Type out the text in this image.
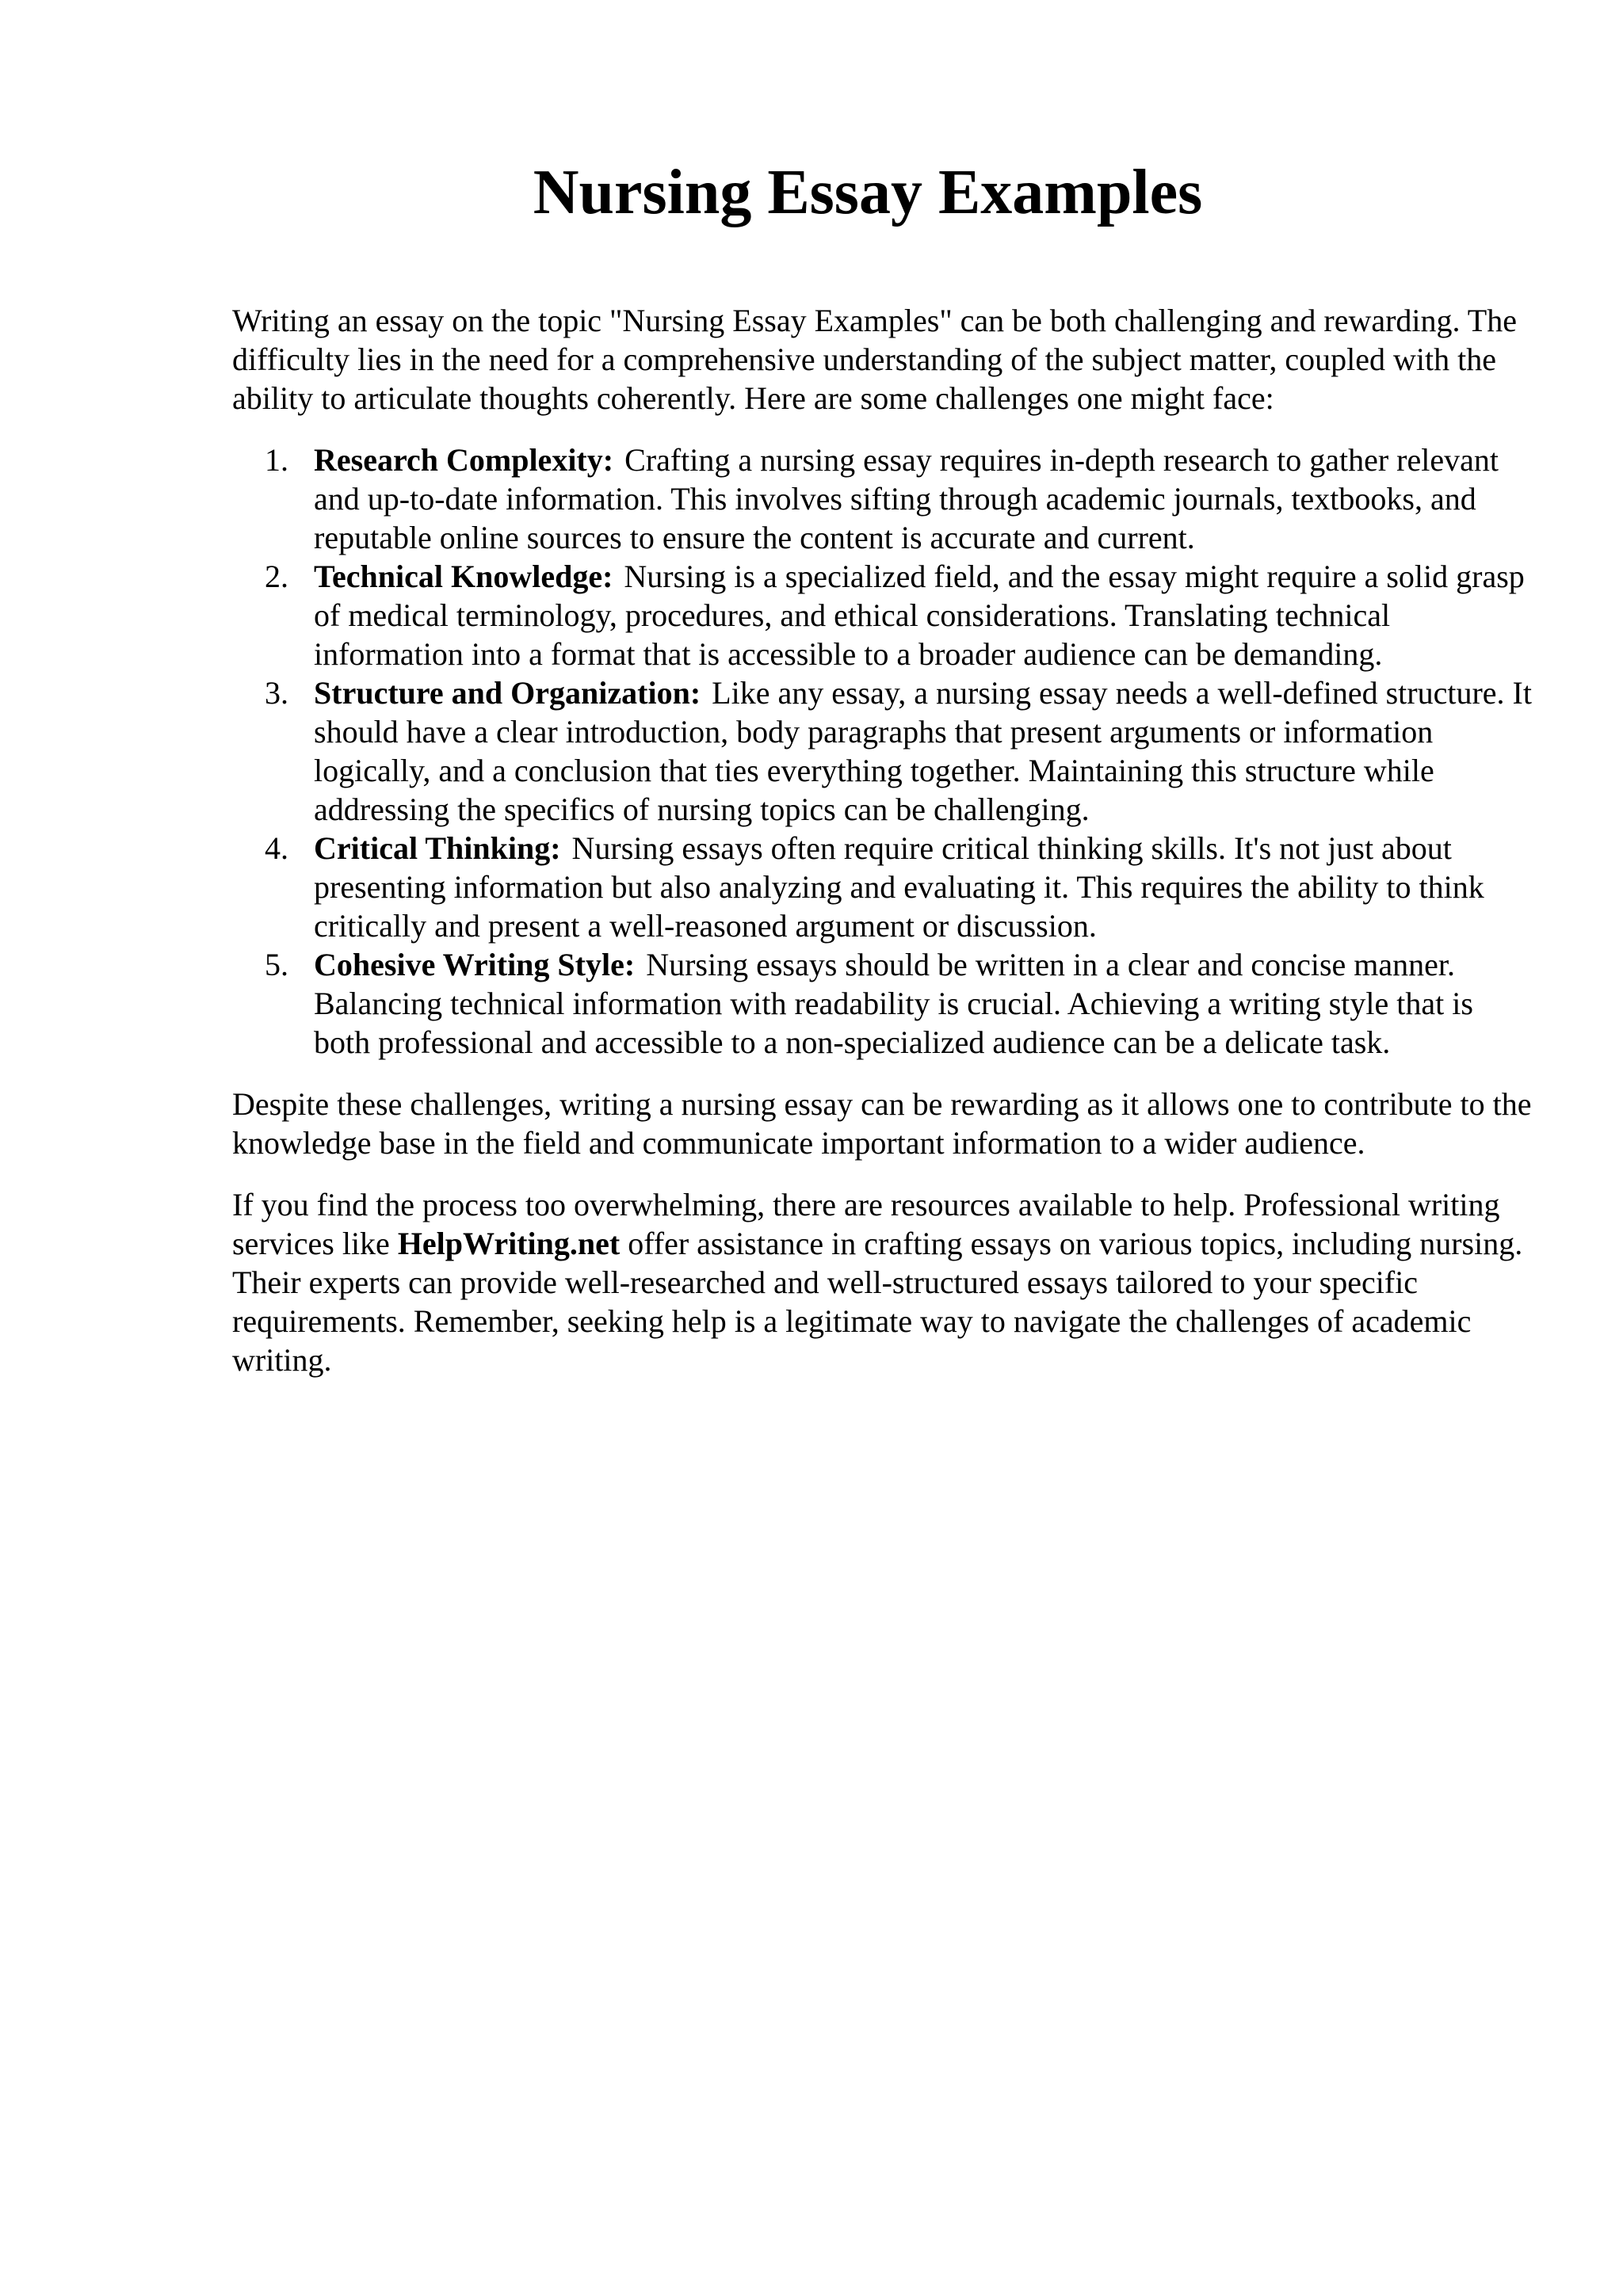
Nursing Essay Examples

Writing an essay on the topic "Nursing Essay Examples" can be both challenging and rewarding. The difficulty lies in the need for a comprehensive understanding of the subject matter, coupled with the ability to articulate thoughts coherently. Here are some challenges one might face:

1. Research Complexity: Crafting a nursing essay requires in-depth research to gather relevant and up-to-date information. This involves sifting through academic journals, textbooks, and reputable online sources to ensure the content is accurate and current.
2. Technical Knowledge: Nursing is a specialized field, and the essay might require a solid grasp of medical terminology, procedures, and ethical considerations. Translating technical information into a format that is accessible to a broader audience can be demanding.
3. Structure and Organization: Like any essay, a nursing essay needs a well-defined structure. It should have a clear introduction, body paragraphs that present arguments or information logically, and a conclusion that ties everything together. Maintaining this structure while addressing the specifics of nursing topics can be challenging.
4. Critical Thinking: Nursing essays often require critical thinking skills. It's not just about presenting information but also analyzing and evaluating it. This requires the ability to think critically and present a well-reasoned argument or discussion.
5. Cohesive Writing Style: Nursing essays should be written in a clear and concise manner. Balancing technical information with readability is crucial. Achieving a writing style that is both professional and accessible to a non-specialized audience can be a delicate task.

Despite these challenges, writing a nursing essay can be rewarding as it allows one to contribute to the knowledge base in the field and communicate important information to a wider audience.

If you find the process too overwhelming, there are resources available to help. Professional writing services like HelpWriting.net offer assistance in crafting essays on various topics, including nursing. Their experts can provide well-researched and well-structured essays tailored to your specific requirements. Remember, seeking help is a legitimate way to navigate the challenges of academic writing.
